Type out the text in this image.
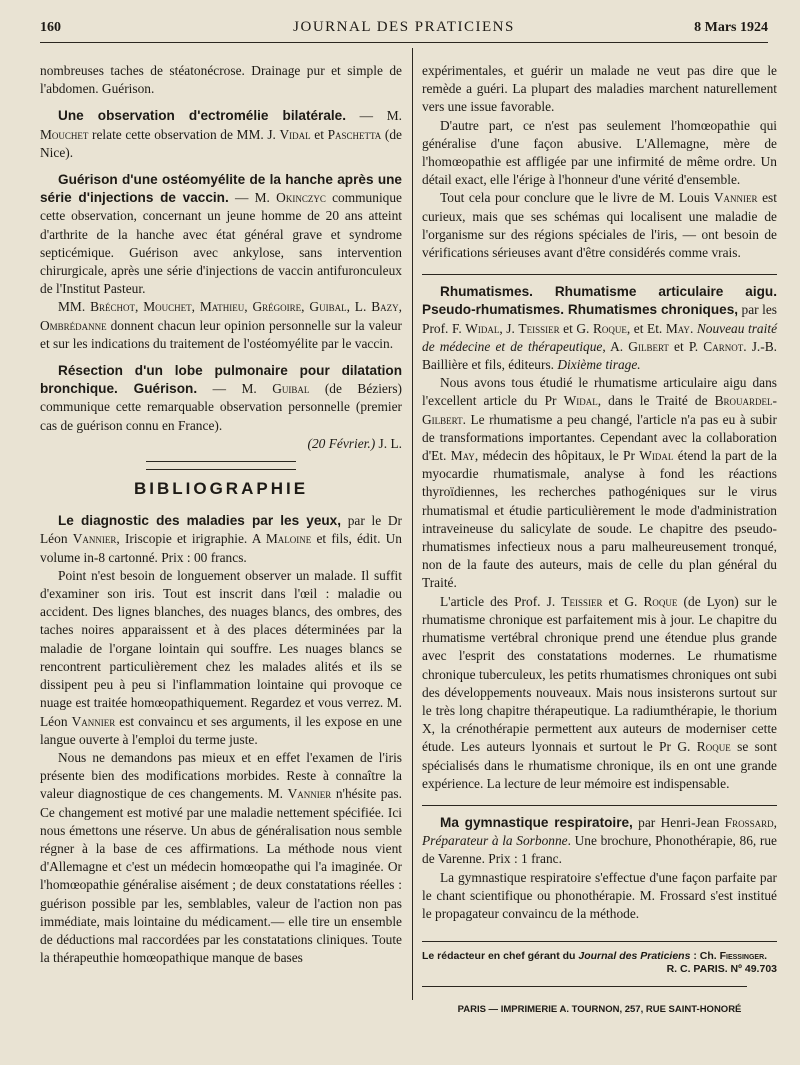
160	JOURNAL DES PRATICIENS	8 Mars 1924

nombreuses taches de stéatonécrose. Drainage pur et simple de l'abdomen. Guérison.

Une observation d'ectromélie bilatérale. — M. Mouchet relate cette observation de MM. J. Vidal et Paschetta (de Nice).

Guérison d'une ostéomyélite de la hanche après une série d'injections de vaccin. — M. Okinczyc communique cette observation, concernant un jeune homme de 20 ans atteint d'arthrite de la hanche avec état général grave et syndrome septicémique. Guérison avec ankylose, sans intervention chirurgicale, après une série d'injections de vaccin antifuronculeux de l'Institut Pasteur.

MM. Bréchot, Mouchet, Mathieu, Grégoire, Guibal, L. Bazy, Ombrédanne donnent chacun leur opinion personnelle sur la valeur et sur les indications du traitement de l'ostéomyélite par le vaccin.

Résection d'un lobe pulmonaire pour dilatation bronchique. Guérison. — M. Guibal (de Béziers) communique cette remarquable observation personnelle (premier cas de guérison connu en France).

(20 Février.) J. L.

BIBLIOGRAPHIE

Le diagnostic des maladies par les yeux, par le Dr Léon Vannier, Iriscopie et irigraphie. A Maloine et fils, édit. Un volume in-8 cartonné. Prix : 00 francs.

Point n'est besoin de longuement observer un malade. Il suffit d'examiner son iris. Tout est inscrit dans l'œil : maladie ou accident. Des lignes blanches, des nuages blancs, des ombres, des taches noires apparaissent et à des places déterminées par la maladie de l'organe lointain qui souffre. Les nuages blancs se rencontrent particulièrement chez les malades alités et ils se dissipent peu à peu si l'inflammation lointaine qui provoque ce nuage est traitée homœopathiquement. Regardez et vous verrez. M. Léon Vannier est convaincu et ses arguments, il les expose en une langue ouverte à l'emploi du terme juste.

Nous ne demandons pas mieux et en effet l'examen de l'iris présente bien des modifications morbides. Reste à connaître la valeur diagnostique de ces changements. M. Vannier n'hésite pas. Ce changement est motivé par une maladie nettement spécifiée. Ici nous émettons une réserve. Un abus de généralisation nous semble régner à la base de ces affirmations. La méthode nous vient d'Allemagne et c'est un médecin homœopathe qui l'a imaginée. Or l'homœopathie généralise aisément ; de deux constatations réelles : guérison possible par les, semblables, valeur de l'action non pas immédiate, mais lointaine du médicament.— elle tire un ensemble de déductions mal raccordées par les constatations cliniques. Toute la thérapeuthie homœopathique manque de bases

expérimentales, et guérir un malade ne veut pas dire que le remède a guéri. La plupart des maladies marchent naturellement vers une issue favorable.

D'autre part, ce n'est pas seulement l'homœopathie qui généralise d'une façon abusive. L'Allemagne, mère de l'homœopathie est affligée par une infirmité de même ordre. Un détail exact, elle l'érige à l'honneur d'une vérité d'ensemble.

Tout cela pour conclure que le livre de M. Louis Vannier est curieux, mais que ses schémas qui localisent une maladie de l'organisme sur des régions spéciales de l'iris, — ont besoin de vérifications sérieuses avant d'être considérés comme vrais.

Rhumatismes. Rhumatisme articulaire aigu. Pseudo-rhumatismes. Rhumatismes chroniques, par les Prof. F. Widal, J. Teissier et G. Roque, et Et. May. Nouveau traité de médecine et de thérapeutique, A. Gilbert et P. Carnot. J.-B. Baillière et fils, éditeurs. Dixième tirage.

Nous avons tous étudié le rhumatisme articulaire aigu dans l'excellent article du Pr Widal, dans le Traité de Brouardel-Gilbert. Le rhumatisme a peu changé, l'article n'a pas eu à subir de transformations importantes. Cependant avec la collaboration d'Et. May, médecin des hôpitaux, le Pr Widal étend la part de la myocardie rhumatismale, analyse à fond les réactions thyroïdiennes, les recherches pathogéniques sur le virus rhumatismal et étudie particulièrement le mode d'administration intraveineuse du salicylate de soude. Le chapitre des pseudo-rhumatismes infectieux nous a paru malheureusement tronqué, non de la faute des auteurs, mais de celle du plan général du Traité.

L'article des Prof. J. Teissier et G. Roque (de Lyon) sur le rhumatisme chronique est parfaitement mis à jour. Le chapitre du rhumatisme vertébral chronique prend une étendue plus grande avec l'esprit des constatations modernes. Le rhumatisme chronique tuberculeux, les petits rhumatismes chroniques ont subi des développements nouveaux. Mais nous insisterons surtout sur le très long chapitre thérapeutique. La radiumthérapie, le thorium X, la crénothérapie permettent aux auteurs de moderniser cette étude. Les auteurs lyonnais et surtout le Pr G. Roque se sont spécialisés dans le rhumatisme chronique, ils en ont une grande expérience. La lecture de leur mémoire est indispensable.

Ma gymnastique respiratoire, par Henri-Jean Frossard, Préparateur à la Sorbonne. Une brochure, Phonothérapie, 86, rue de Varenne. Prix : 1 franc.

La gymnastique respiratoire s'effectue d'une façon parfaite par le chant scientifique ou phonothérapie. M. Frossard s'est institué le propagateur convaincu de la méthode.

Le rédacteur en chef gérant du Journal des Praticiens : Ch. Fiessinger.
R. C. PARIS. Nº 49.703
PARIS — IMPRIMERIE A. TOURNON, 257, RUE SAINT-HONORÉ
